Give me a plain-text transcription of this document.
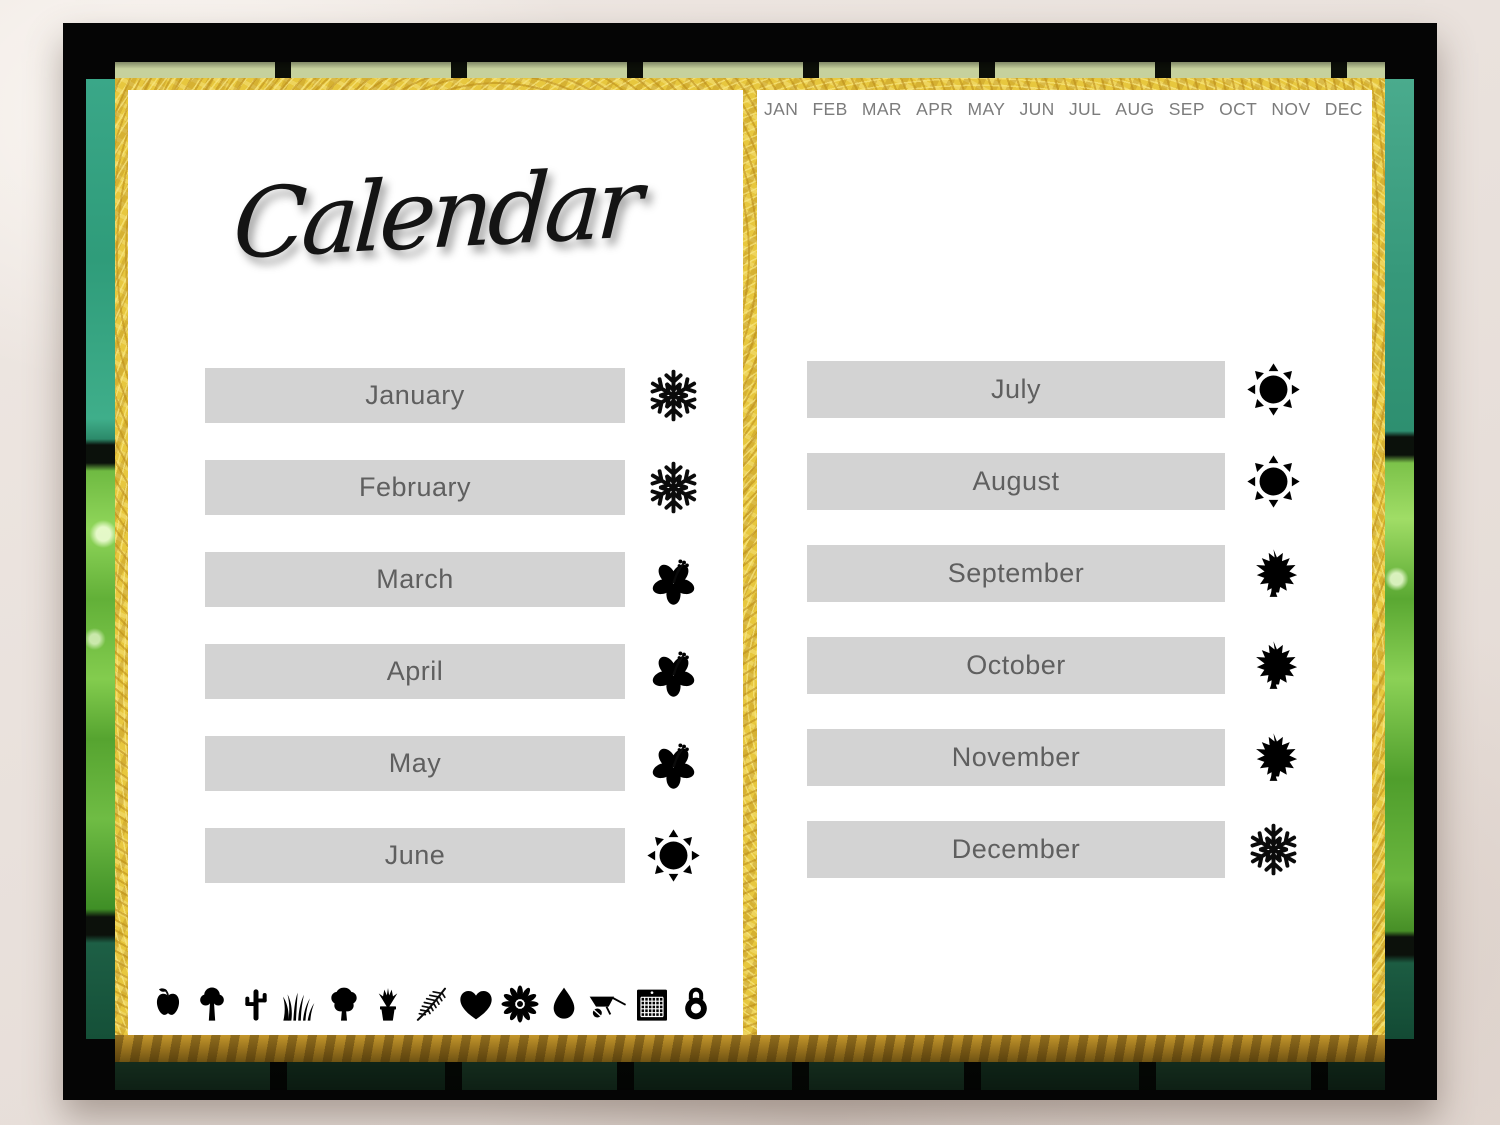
Calendar
January
February
March
April
May
June
JAN FEB MAR APR MAY JUN JUL AUG SEP OCT NOV DEC
July
August
September
October
November
December
